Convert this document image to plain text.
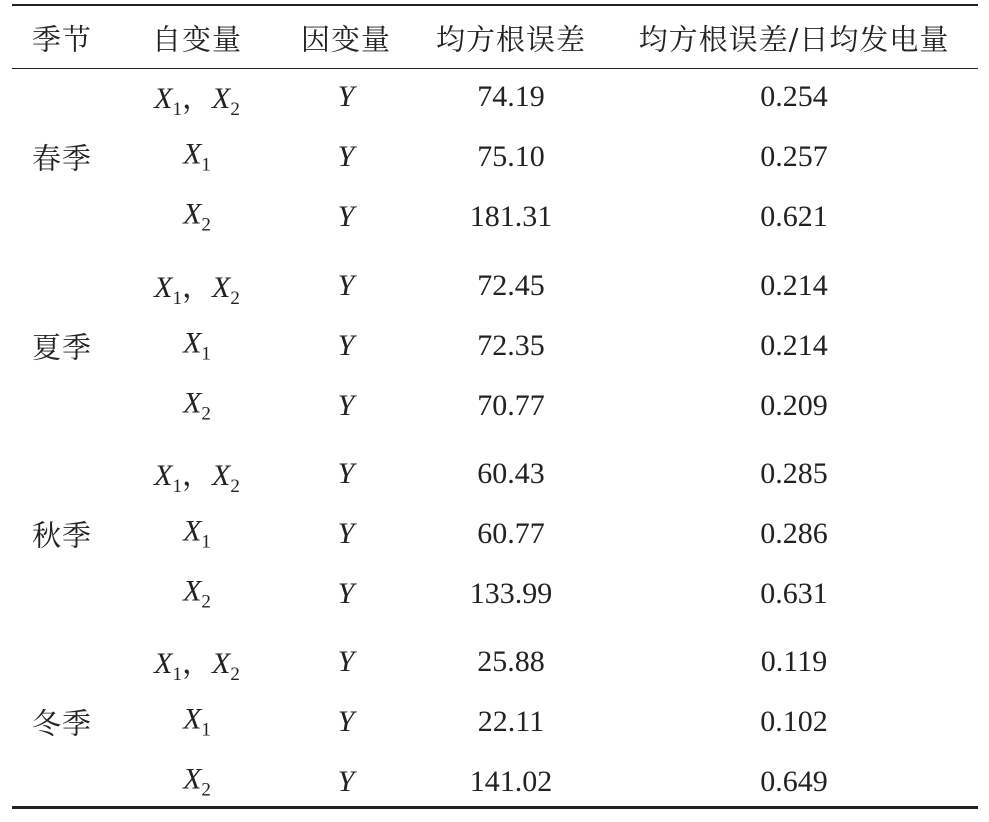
季节 自变量 因变量 均方根误差 均方根误差/日均发电量
春季
$X_1$，$X_2$	Y	74.19	0.254
$X_1$	Y	75.10	0.257
$X_2$	Y	181.31	0.621
夏季
$X_1$，$X_2$	Y	72.45	0.214
$X_1$	Y	72.35	0.214
$X_2$	Y	70.77	0.209
秋季
$X_1$，$X_2$	Y	60.43	0.285
$X_1$	Y	60.77	0.286
$X_2$	Y	133.99	0.631
冬季
$X_1$，$X_2$	Y	25.88	0.119
$X_1$	Y	22.11	0.102
$X_2$	Y	141.02	0.649
